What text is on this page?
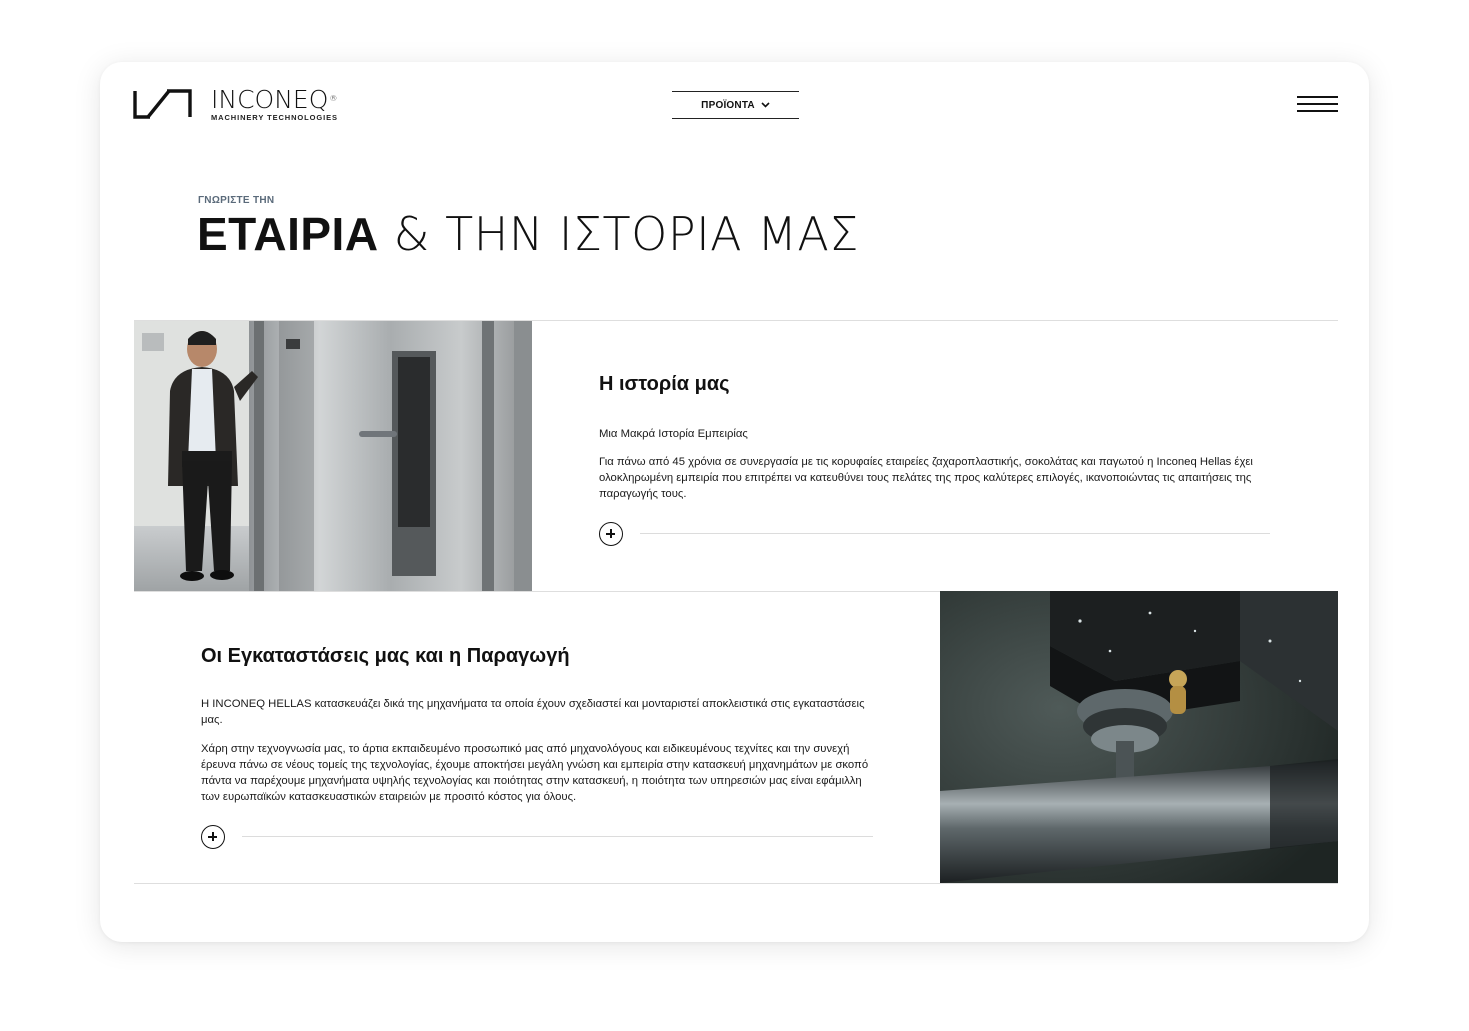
INCONEQ ®
MACHINERY TECHNOLOGIES
ΠΡΟΪΟΝΤΑ
ΓΝΩΡΙΣΤΕ ΤΗΝ
ΕΤΑΙΡΙΑ & ΤΗΝ ΙΣΤΟΡΙΑ ΜΑΣ
Η ιστορία μας
Μια Μακρά Ιστορία Εμπειρίας
Για πάνω από 45 χρόνια σε συνεργασία με τις κορυφαίες εταιρείες ζαχαροπλαστικής, σοκολάτας και παγωτού η Inconeq Hellas έχει ολοκληρωμένη εμπειρία που επιτρέπει να κατευθύνει τους πελάτες της προς καλύτερες επιλογές, ικανοποιώντας τις απαιτήσεις της παραγωγής τους.
Οι Εγκαταστάσεις μας και η Παραγωγή
Η INCONEQ HELLAS κατασκευάζει δικά της μηχανήματα τα οποία έχουν σχεδιαστεί και μονταριστεί αποκλειστικά στις εγκαταστάσεις μας.
Χάρη στην τεχνογνωσία μας, το άρτια εκπαιδευμένο προσωπικό μας από μηχανολόγους και ειδικευμένους τεχνίτες και την συνεχή έρευνα πάνω σε νέους τομείς της τεχνολογίας, έχουμε αποκτήσει μεγάλη γνώση και εμπειρία στην κατασκευή μηχανημάτων με σκοπό πάντα να παρέχουμε μηχανήματα υψηλής τεχνολογίας και ποιότητας στην κατασκευή, η ποιότητα των υπηρεσιών μας είναι εφάμιλλη των ευρωπαϊκών κατασκευαστικών εταιρειών με προσιτό κόστος για όλους.
